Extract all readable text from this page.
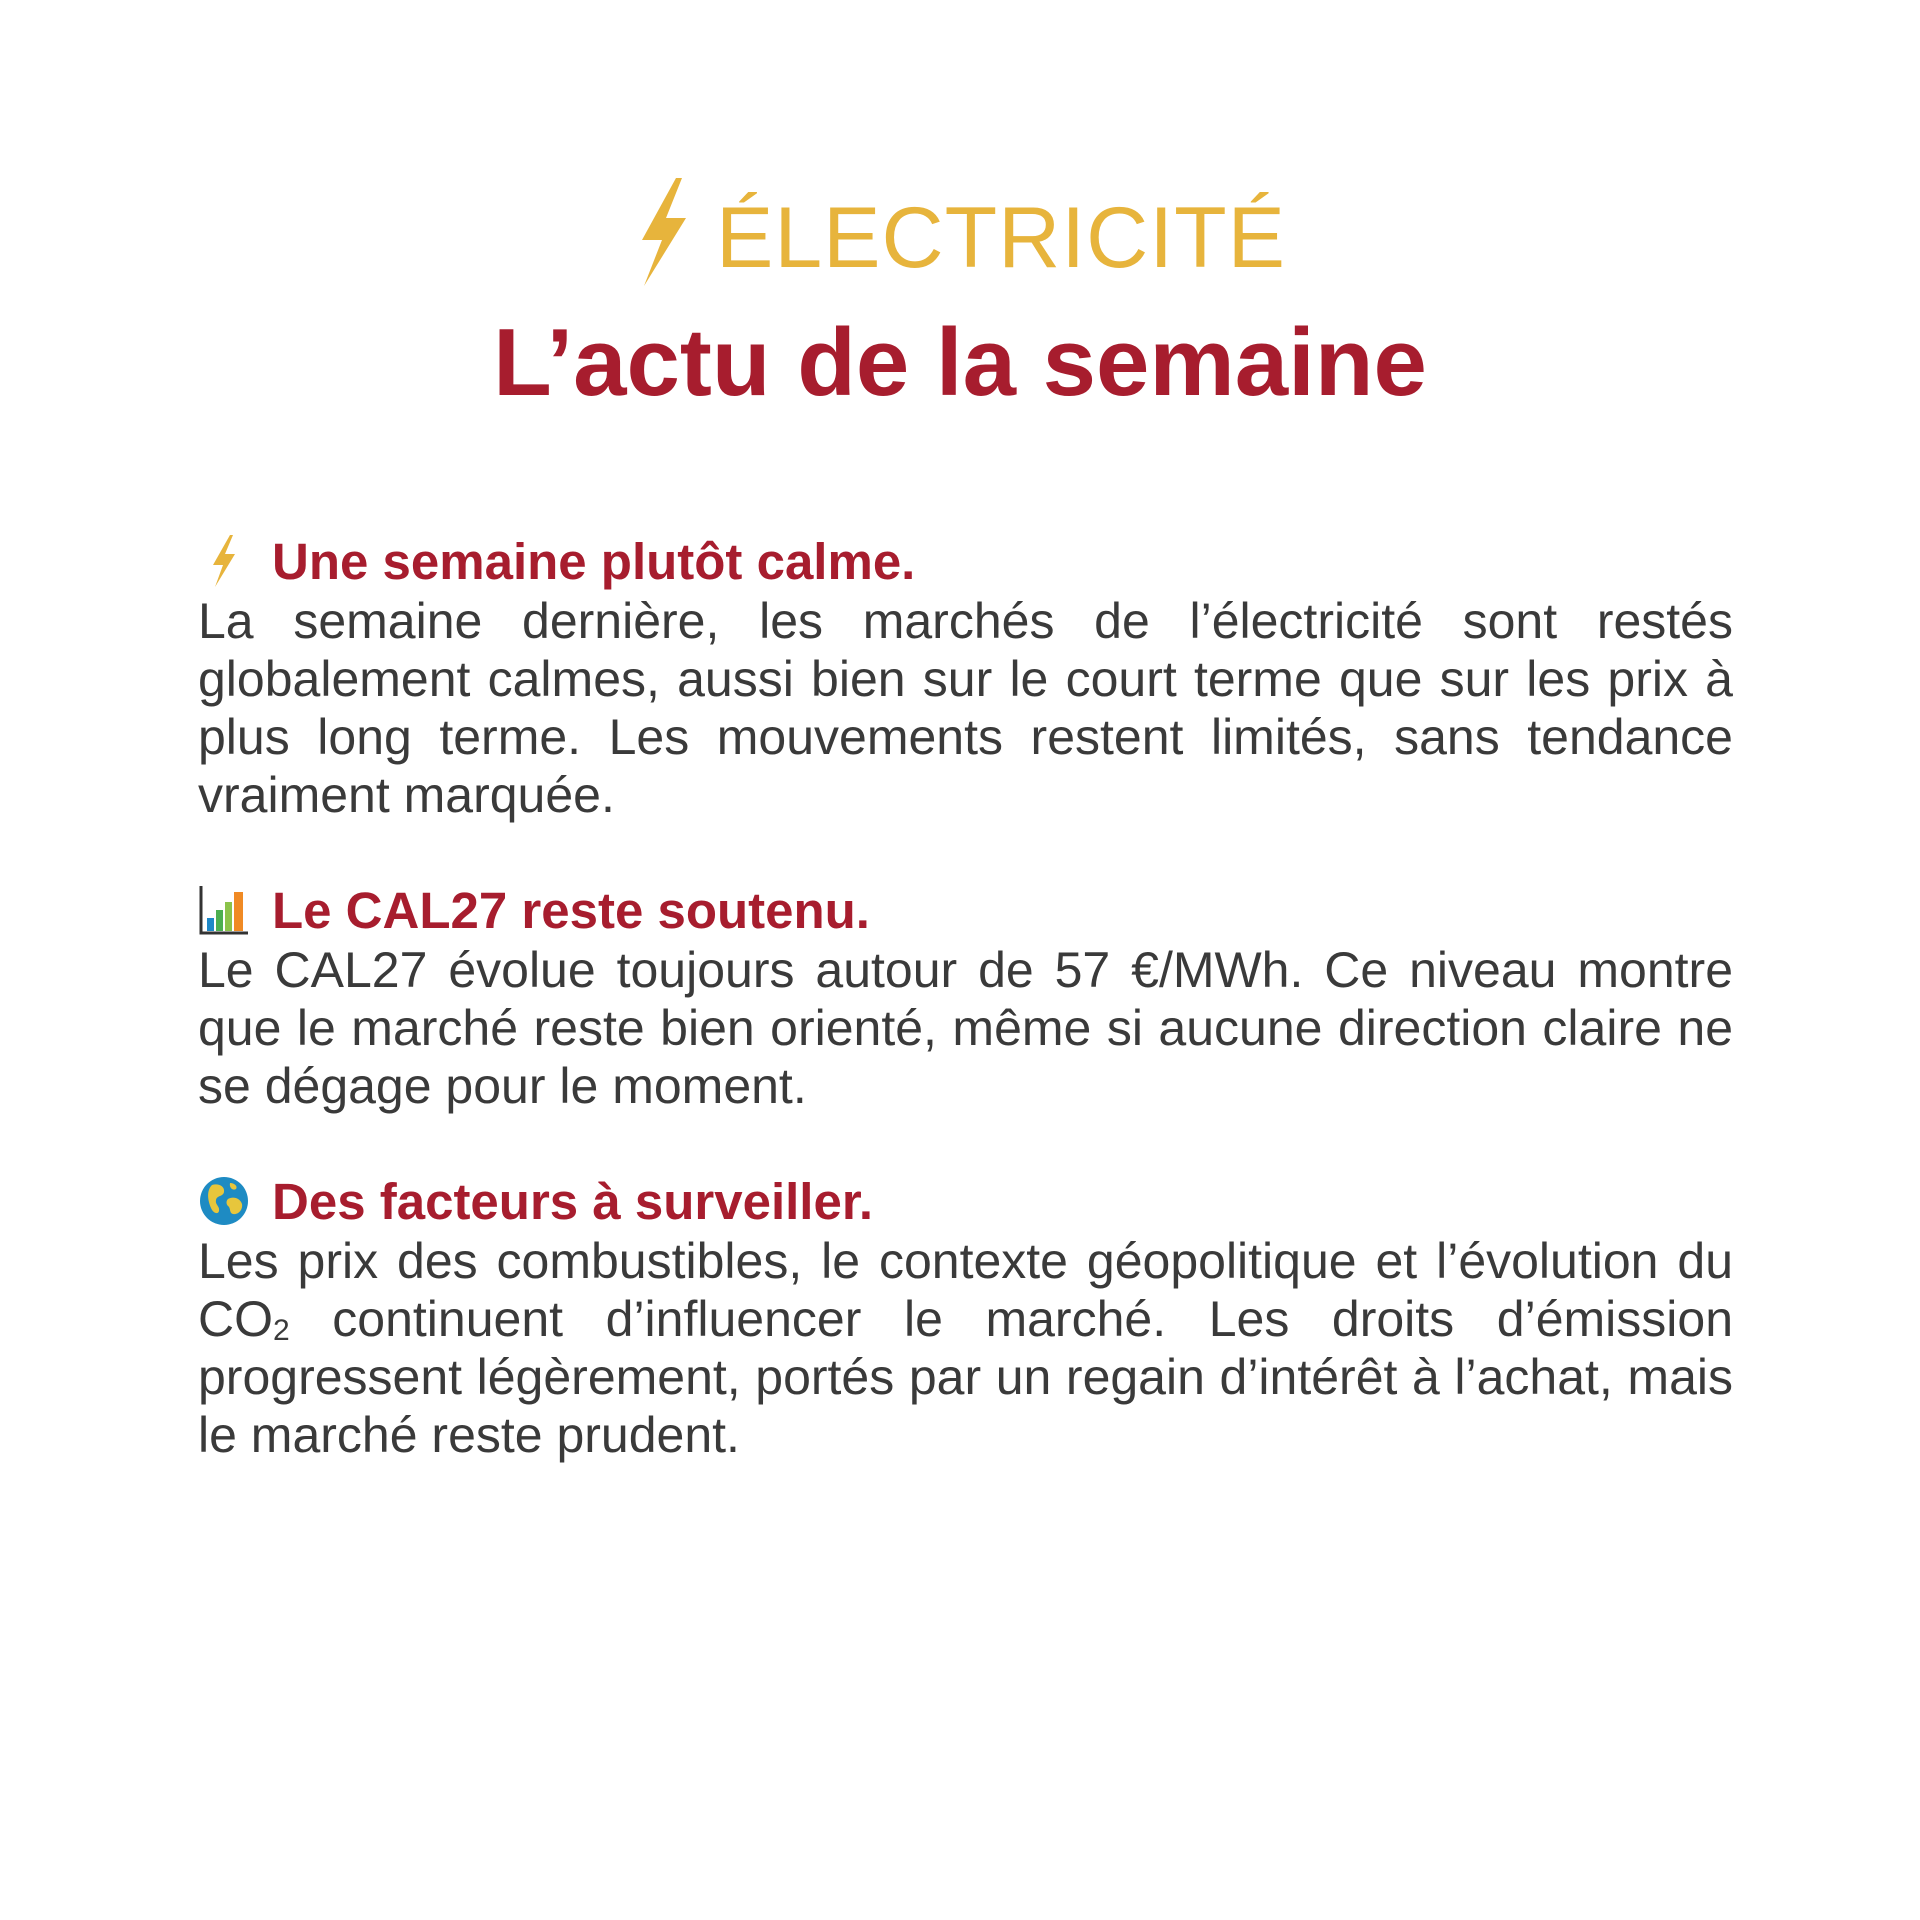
ÉLECTRICITÉ
L’actu de la semaine
Une semaine plutôt calme.

La semaine dernière, les marchés de l’électricité sont restés globalement calmes, aussi bien sur le court terme que sur les prix à plus long terme. Les mouvements restent limités, sans tendance vraiment marquée.

Le CAL27 reste soutenu.

Le CAL27 évolue toujours autour de 57 €/MWh. Ce niveau montre que le marché reste bien orienté, même si aucune direction claire ne se dégage pour le moment.

Des facteurs à surveiller.

Les prix des combustibles, le contexte géopolitique et l’évolution du $CO_2$ continuent d’influencer le marché. Les droits d’émission progressent légèrement, portés par un regain d’intérêt à l’achat, mais le marché reste prudent.
